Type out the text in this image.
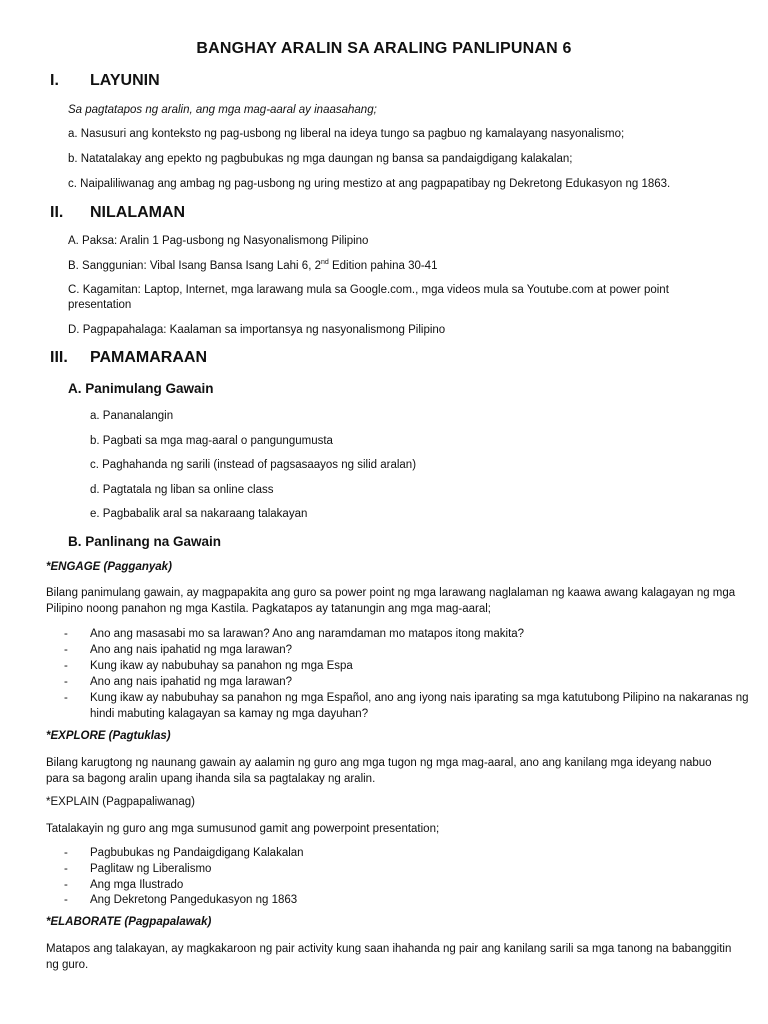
BANGHAY ARALIN SA ARALING PANLIPUNAN 6
I. LAYUNIN
Sa pagtatapos ng aralin, ang mga mag-aaral ay inaasahang;
a. Nasusuri ang konteksto ng pag-usbong ng liberal na ideya tungo sa pagbuo ng kamalayang nasyonalismo;
b. Natatalakay ang epekto ng pagbubukas ng mga daungan ng bansa sa pandaigdigang kalakalan;
c. Naipaliliwanag ang ambag ng pag-usbong ng uring mestizo at ang pagpapatibay ng Dekretong Edukasyon ng 1863.
II. NILALAMAN
A. Paksa: Aralin 1 Pag-usbong ng Nasyonalismong Pilipino
B. Sanggunian: Vibal Isang Bansa Isang Lahi 6, 2nd Edition pahina 30-41
C. Kagamitan: Laptop, Internet, mga larawang mula sa Google.com., mga videos mula sa Youtube.com at power point presentation
D. Pagpapahalaga: Kaalaman sa importansya ng nasyonalismong Pilipino
III. PAMAMARAAN
A. Panimulang Gawain
a. Pananalangin
b. Pagbati sa mga mag-aaral o pangungumusta
c. Paghahanda ng sarili (instead of pagsasaayos ng silid aralan)
d. Pagtatala ng liban sa online class
e. Pagbabalik aral sa nakaraang talakayan
B. Panlinang na Gawain
*ENGAGE (Pagganyak)
Bilang panimulang gawain, ay magpapakita ang guro sa power point ng mga larawang naglalaman ng kaawa awang kalagayan ng mga Pilipino noong panahon ng mga Kastila. Pagkatapos ay tatanungin ang mga mag-aaral;
-	Ano ang masasabi mo sa larawan? Ano ang naramdaman mo matapos itong makita?
-	Ano ang nais ipahatid ng mga larawan?
-	Kung ikaw ay nabubuhay sa panahon ng mga Espa
-	Ano ang nais ipahatid ng mga larawan?
-	Kung ikaw ay nabubuhay sa panahon ng mga Español, ano ang iyong nais iparating sa mga katutubong Pilipino na nakaranas ng hindi mabuting kalagayan sa kamay ng mga dayuhan?
*EXPLORE (Pagtuklas)
Bilang karugtong ng naunang gawain ay aalamin ng guro ang mga tugon ng mga mag-aaral, ano ang kanilang mga ideyang nabuo para sa bagong aralin upang ihanda sila sa pagtalakay ng aralin.
*EXPLAIN (Pagpapaliwanag)
Tatalakayin ng guro ang mga sumusunod gamit ang powerpoint presentation;
-	Pagbubukas ng Pandaigdigang Kalakalan
-	Paglitaw ng Liberalismo
-	Ang mga Ilustrado
-	Ang Dekretong Pangedukasyon ng 1863
*ELABORATE (Pagpapalawak)
Matapos ang talakayan, ay magkakaroon ng pair activity kung saan ihahanda ng pair ang kanilang sarili sa mga tanong na babanggitin ng guro.
